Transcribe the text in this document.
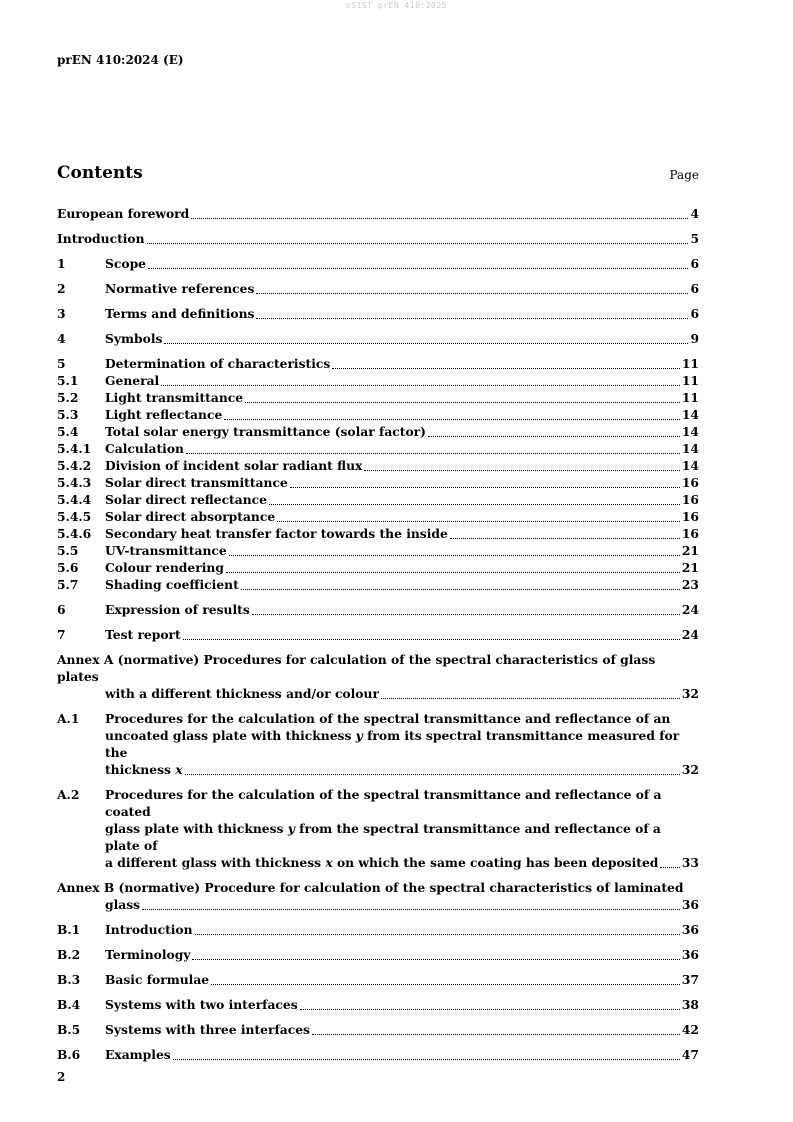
oSIST prEN 410:2025
prEN 410:2024 (E)
Contents	Page
European foreword	4
Introduction	5
1	Scope	6
2	Normative references	6
3	Terms and definitions	6
4	Symbols	9
5	Determination of characteristics	11
5.1	General	11
5.2	Light transmittance	11
5.3	Light reflectance	14
5.4	Total solar energy transmittance (solar factor)	14
5.4.1	Calculation	14
5.4.2	Division of incident solar radiant flux	14
5.4.3	Solar direct transmittance	16
5.4.4	Solar direct reflectance	16
5.4.5	Solar direct absorptance	16
5.4.6	Secondary heat transfer factor towards the inside	16
5.5	UV-transmittance	21
5.6	Colour rendering	21
5.7	Shading coefficient	23
6	Expression of results	24
7	Test report	24
Annex A (normative) Procedures for calculation of the spectral characteristics of glass plates
with a different thickness and/or colour	32
A.1	Procedures for the calculation of the spectral transmittance and reflectance of an
uncoated glass plate with thickness y from its spectral transmittance measured for the
thickness x	32
A.2	Procedures for the calculation of the spectral transmittance and reflectance of a coated
glass plate with thickness y from the spectral transmittance and reflectance of a plate of
a different glass with thickness x on which the same coating has been deposited 33
Annex B (normative) Procedure for calculation of the spectral characteristics of laminated
glass	36
B.1	Introduction	36
B.2	Terminology	36
B.3	Basic formulae	37
B.4	Systems with two interfaces	38
B.5	Systems with three interfaces	42
B.6	Examples	47
2
